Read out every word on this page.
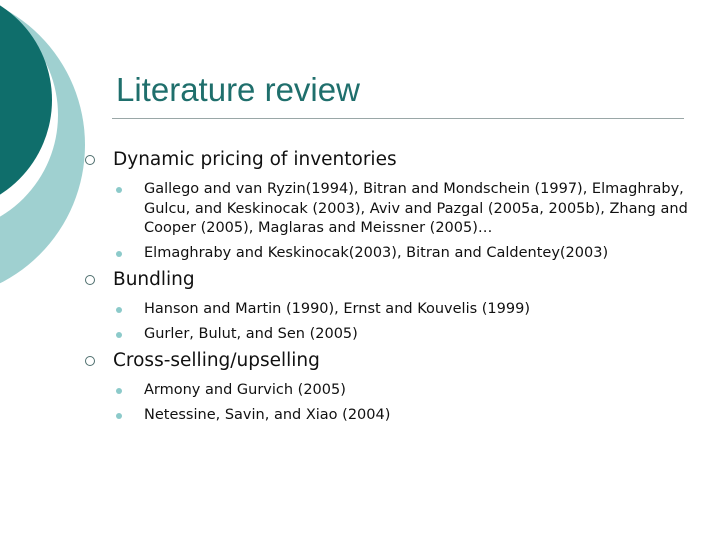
Literature review
Dynamic pricing of inventories
Gallego and van Ryzin(1994), Bitran and Mondschein (1997), Elmaghraby, Gulcu, and Keskinocak (2003), Aviv and Pazgal (2005a, 2005b), Zhang and Cooper (2005), Maglaras and Meissner (2005)…
Elmaghraby and Keskinocak(2003), Bitran and Caldentey(2003)
Bundling
Hanson and Martin (1990), Ernst and Kouvelis (1999)
Gurler, Bulut, and Sen (2005)
Cross-selling/upselling
Armony and Gurvich (2005)
Netessine, Savin, and Xiao (2004)
